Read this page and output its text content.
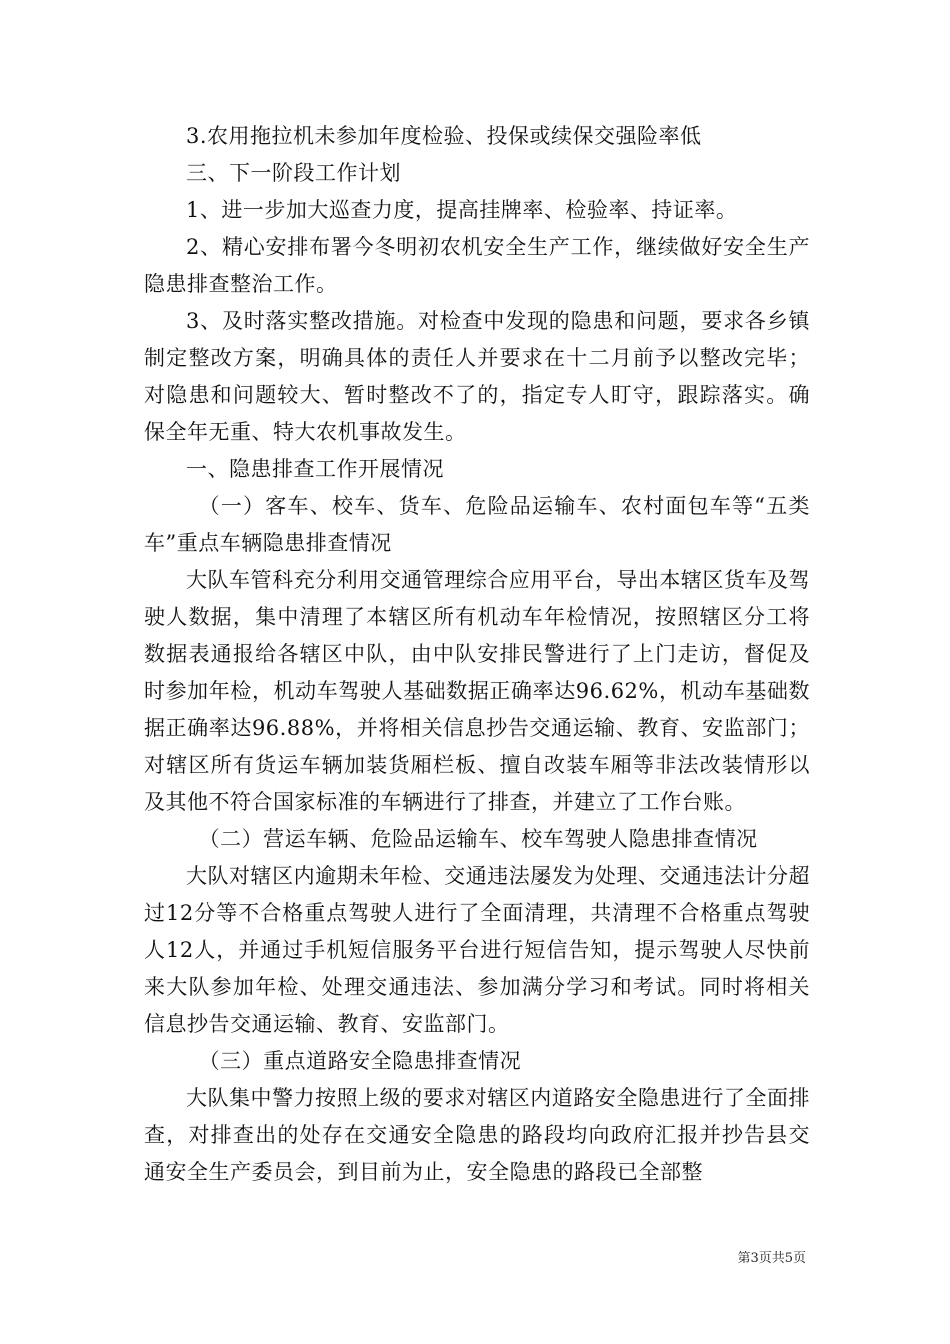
3.农用拖拉机未参加年度检验、投保或续保交强险率低

三、下一阶段工作计划

1、进一步加大巡查力度，提高挂牌率、检验率、持证率。

2、精心安排布署今冬明初农机安全生产工作，继续做好安全生产隐患排查整治工作。

3、及时落实整改措施。对检查中发现的隐患和问题，要求各乡镇制定整改方案，明确具体的责任人并要求在十二月前予以整改完毕；对隐患和问题较大、暂时整改不了的，指定专人盯守，跟踪落实。确保全年无重、特大农机事故发生。

一、隐患排查工作开展情况

（一）客车、校车、货车、危险品运输车、农村面包车等“五类车”重点车辆隐患排查情况

大队车管科充分利用交通管理综合应用平台，导出本辖区货车及驾驶人数据，集中清理了本辖区所有机动车年检情况，按照辖区分工将数据表通报给各辖区中队，由中队安排民警进行了上门走访，督促及时参加年检，机动车驾驶人基础数据正确率达96.62%，机动车基础数据正确率达96.88%，并将相关信息抄告交通运输、教育、安监部门；对辖区所有货运车辆加装货厢栏板、擅自改装车厢等非法改装情形以及其他不符合国家标准的车辆进行了排查，并建立了工作台账。

（二）营运车辆、危险品运输车、校车驾驶人隐患排查情况

大队对辖区内逾期未年检、交通违法屡发为处理、交通违法计分超过12分等不合格重点驾驶人进行了全面清理，共清理不合格重点驾驶人12人，并通过手机短信服务平台进行短信告知，提示驾驶人尽快前来大队参加年检、处理交通违法、参加满分学习和考试。同时将相关信息抄告交通运输、教育、安监部门。

（三）重点道路安全隐患排查情况

大队集中警力按照上级的要求对辖区内道路安全隐患进行了全面排查，对排查出的处存在交通安全隐患的路段均向政府汇报并抄告县交通安全生产委员会，到目前为止，安全隐患的路段已全部整

第3页共5页
